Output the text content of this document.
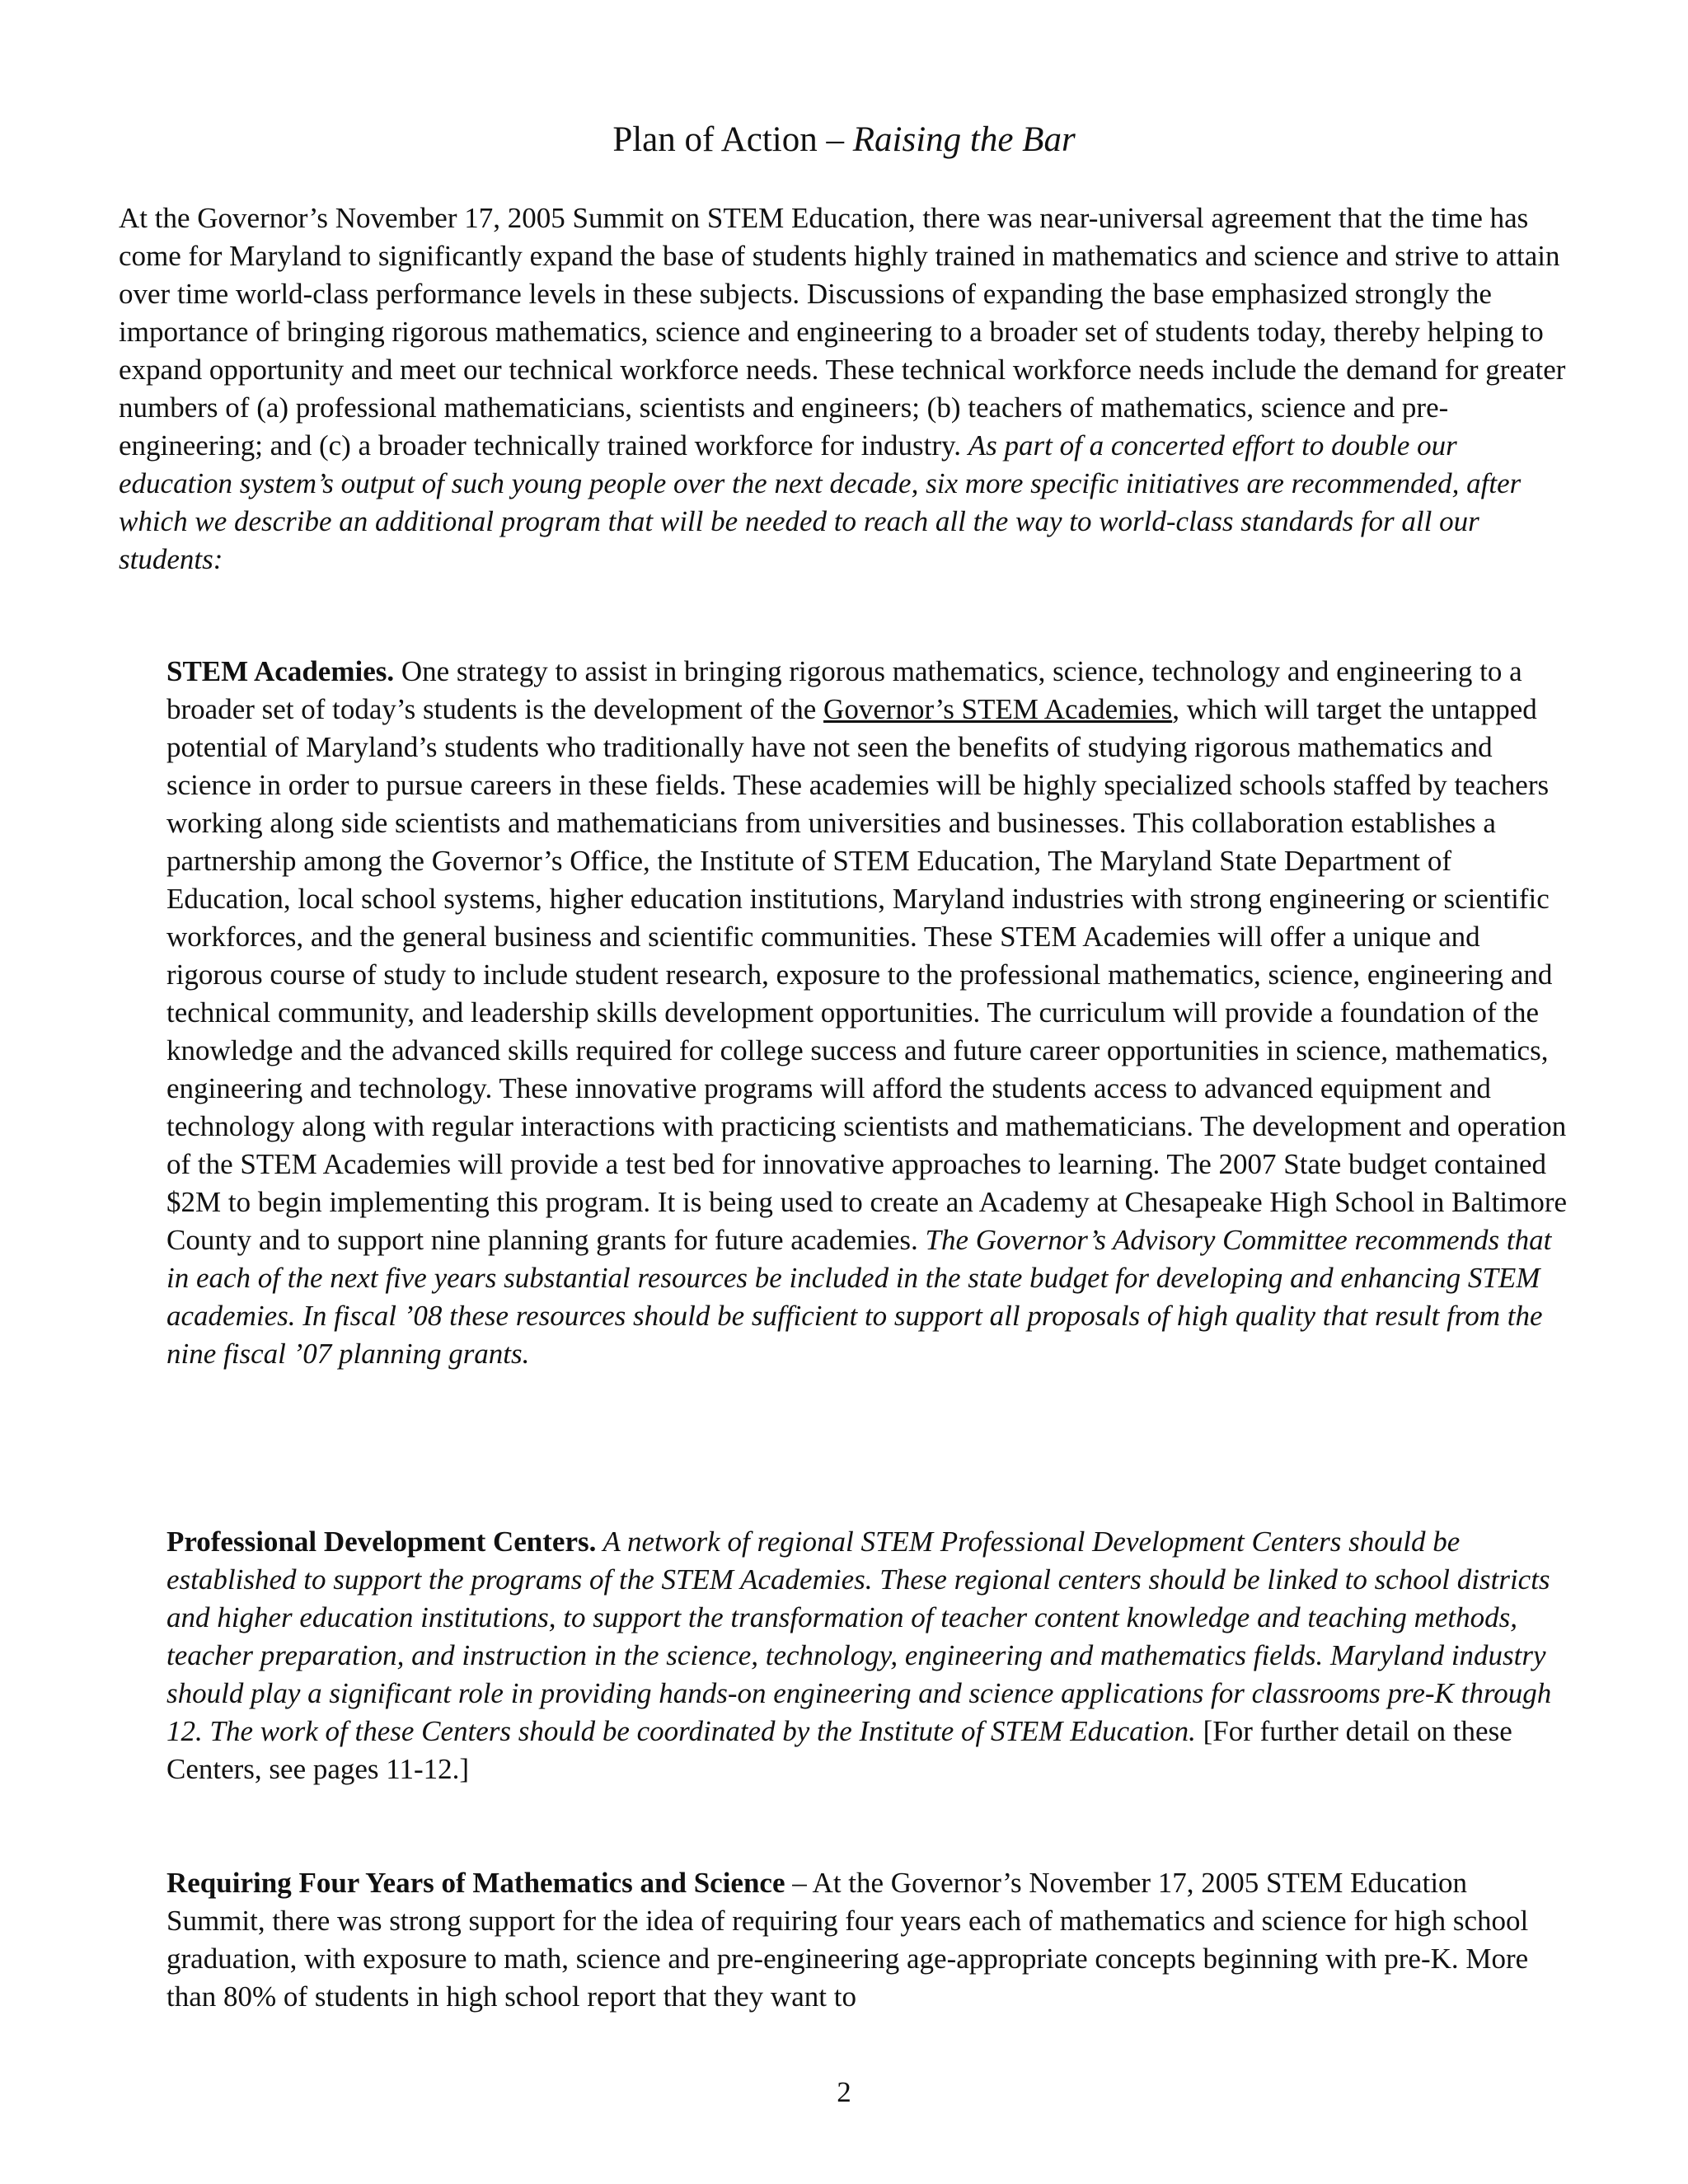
Plan of Action – Raising the Bar

At the Governor’s November 17, 2005 Summit on STEM Education, there was near-universal agreement that the time has come for Maryland to significantly expand the base of students highly trained in mathematics and science and strive to attain over time world-class performance levels in these subjects. Discussions of expanding the base emphasized strongly the importance of bringing rigorous mathematics, science and engineering to a broader set of students today, thereby helping to expand opportunity and meet our technical workforce needs. These technical workforce needs include the demand for greater numbers of (a) professional mathematicians, scientists and engineers; (b) teachers of mathematics, science and pre-engineering; and (c) a broader technically trained workforce for industry. As part of a concerted effort to double our education system’s output of such young people over the next decade, six more specific initiatives are recommended, after which we describe an additional program that will be needed to reach all the way to world-class standards for all our students:

STEM Academies. One strategy to assist in bringing rigorous mathematics, science, technology and engineering to a broader set of today’s students is the development of the Governor’s STEM Academies, which will target the untapped potential of Maryland’s students who traditionally have not seen the benefits of studying rigorous mathematics and science in order to pursue careers in these fields. These academies will be highly specialized schools staffed by teachers working along side scientists and mathematicians from universities and businesses. This collaboration establishes a partnership among the Governor’s Office, the Institute of STEM Education, The Maryland State Department of Education, local school systems, higher education institutions, Maryland industries with strong engineering or scientific workforces, and the general business and scientific communities. These STEM Academies will offer a unique and rigorous course of study to include student research, exposure to the professional mathematics, science, engineering and technical community, and leadership skills development opportunities. The curriculum will provide a foundation of the knowledge and the advanced skills required for college success and future career opportunities in science, mathematics, engineering and technology. These innovative programs will afford the students access to advanced equipment and technology along with regular interactions with practicing scientists and mathematicians. The development and operation of the STEM Academies will provide a test bed for innovative approaches to learning. The 2007 State budget contained $2M to begin implementing this program. It is being used to create an Academy at Chesapeake High School in Baltimore County and to support nine planning grants for future academies. The Governor’s Advisory Committee recommends that in each of the next five years substantial resources be included in the state budget for developing and enhancing STEM academies. In fiscal ’08 these resources should be sufficient to support all proposals of high quality that result from the nine fiscal ’07 planning grants.

Professional Development Centers. A network of regional STEM Professional Development Centers should be established to support the programs of the STEM Academies. These regional centers should be linked to school districts and higher education institutions, to support the transformation of teacher content knowledge and teaching methods, teacher preparation, and instruction in the science, technology, engineering and mathematics fields. Maryland industry should play a significant role in providing hands-on engineering and science applications for classrooms pre-K through 12. The work of these Centers should be coordinated by the Institute of STEM Education. [For further detail on these Centers, see pages 11-12.]

Requiring Four Years of Mathematics and Science – At the Governor’s November 17, 2005 STEM Education Summit, there was strong support for the idea of requiring four years each of mathematics and science for high school graduation, with exposure to math, science and pre-engineering age-appropriate concepts beginning with pre-K. More than 80% of students in high school report that they want to

2
